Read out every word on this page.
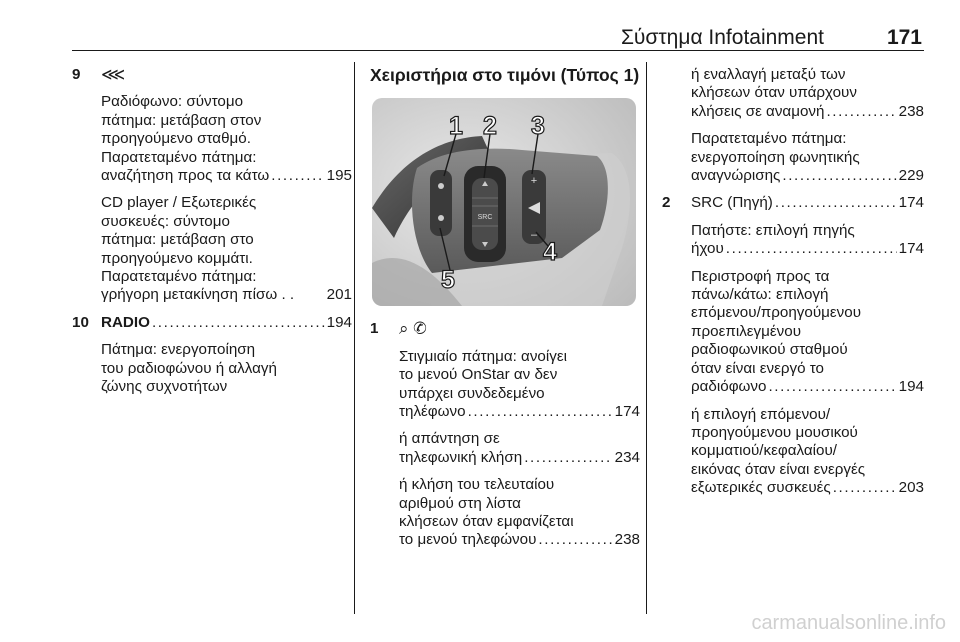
Σύστημα Infotainment	171
9 ⋘

Ραδιόφωνο: σύντομο
πάτημα: μετάβαση στον
προηγούμενο σταθμό.
Παρατεταμένο πάτημα:
αναζήτηση προς τα κάτω . . .	195

CD player / Εξωτερικές
συσκευές: σύντομο
πάτημα: μετάβαση στο
προηγούμενο κομμάτι.
Παρατεταμένο πάτημα:
γρήγορη μετακίνηση πίσω . . 201

10 RADIO . . .	194

Πάτημα: ενεργοποίηση
του ραδιοφώνου ή αλλαγή
ζώνης συχνοτήτων

Χειριστήρια στο τιμόνι (Τύπος 1)
SRC
+
–
1 2 3
4
5
1 ⌕ ✆

Στιγμιαίο πάτημα: ανοίγει
το μενού OnStar αν δεν
υπάρχει συνδεδεμένο
τηλέφωνο . . .	174

ή απάντηση σε
τηλεφωνική κλήση . . .	234

ή κλήση του τελευταίου
αριθμού στη λίστα
κλήσεων όταν εμφανίζεται
το μενού τηλεφώνου . . .	238

ή εναλλαγή μεταξύ των
κλήσεων όταν υπάρχουν
κλήσεις σε αναμονή . . .	238

Παρατεταμένο πάτημα:
ενεργοποίηση φωνητικής
αναγνώρισης . . .	229

2 SRC (Πηγή) . . .	174

Πατήστε: επιλογή πηγής
ήχου . . .	174

Περιστροφή προς τα
πάνω/κάτω: επιλογή
επόμενου/προηγούμενου
προεπιλεγμένου
ραδιοφωνικού σταθμού
όταν είναι ενεργό το
ραδιόφωνο . . .	194

ή επιλογή επόμενου/
προηγούμενου μουσικού
κομματιού/κεφαλαίου/
εικόνας όταν είναι ενεργές
εξωτερικές συσκευές . . .	203

carmanualsonline.info
